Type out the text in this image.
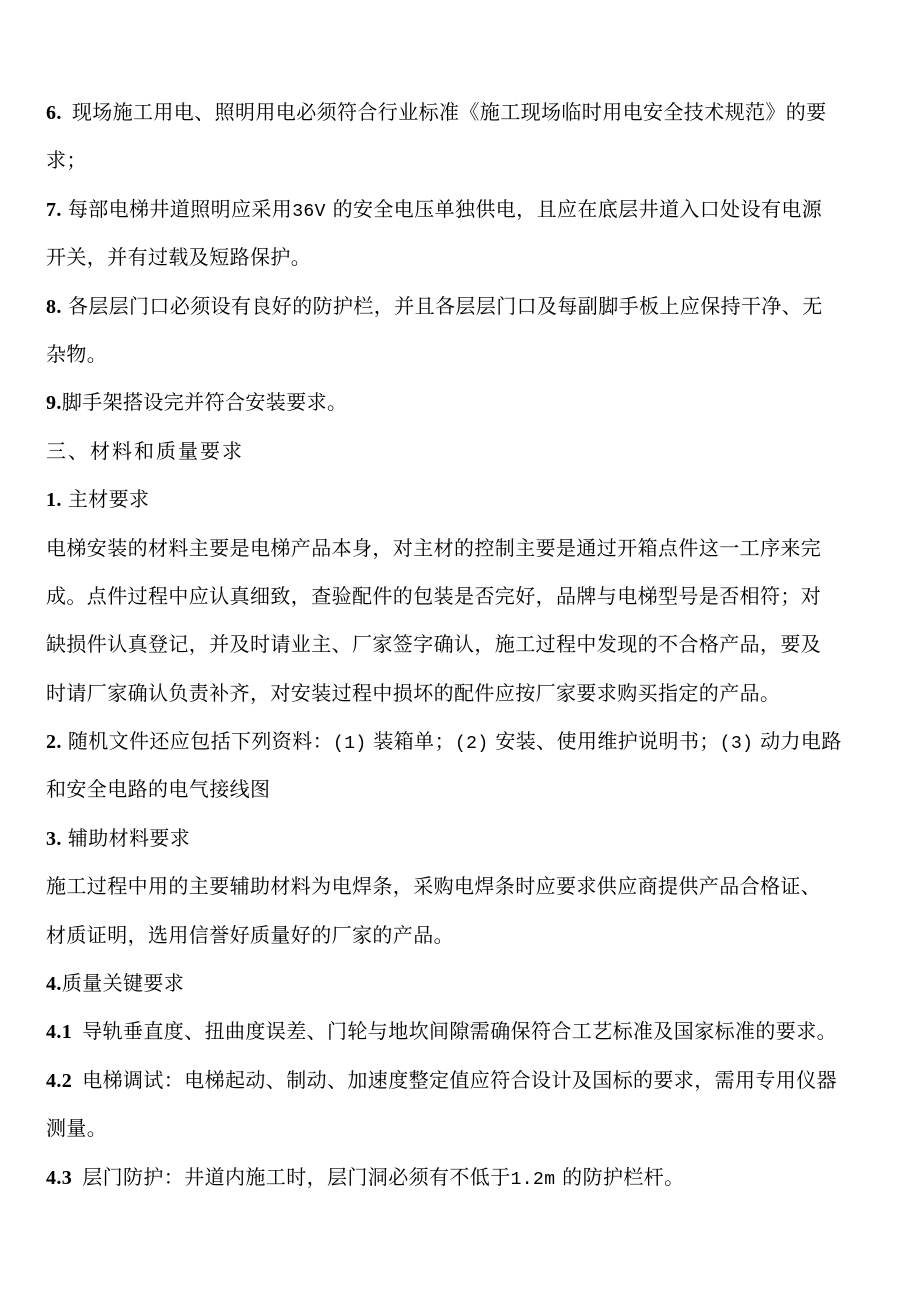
6. 现场施工用电、照明用电必须符合行业标准《施工现场临时用电安全技术规范》的要
求；
7. 每部电梯井道照明应采用36V 的安全电压单独供电，且应在底层井道入口处设有电源
开关，并有过载及短路保护。
8. 各层层门口必须设有良好的防护栏，并且各层层门口及每副脚手板上应保持干净、无
杂物。
9.脚手架搭设完并符合安装要求。
三、材料和质量要求
1. 主材要求
电梯安装的材料主要是电梯产品本身，对主材的控制主要是通过开箱点件这一工序来完
成。点件过程中应认真细致，查验配件的包装是否完好，品牌与电梯型号是否相符；对
缺损件认真登记，并及时请业主、厂家签字确认，施工过程中发现的不合格产品，要及
时请厂家确认负责补齐，对安装过程中损坏的配件应按厂家要求购买指定的产品。
2. 随机文件还应包括下列资料：(1) 装箱单；(2) 安装、使用维护说明书；(3) 动力电路
和安全电路的电气接线图
3. 辅助材料要求
施工过程中用的主要辅助材料为电焊条，采购电焊条时应要求供应商提供产品合格证、
材质证明，选用信誉好质量好的厂家的产品。
4.质量关键要求
4.1 导轨垂直度、扭曲度误差、门轮与地坎间隙需确保符合工艺标准及国家标准的要求。
4.2 电梯调试：电梯起动、制动、加速度整定值应符合设计及国标的要求，需用专用仪器
测量。
4.3 层门防护：井道内施工时，层门洞必须有不低于1.2m 的防护栏杆。
